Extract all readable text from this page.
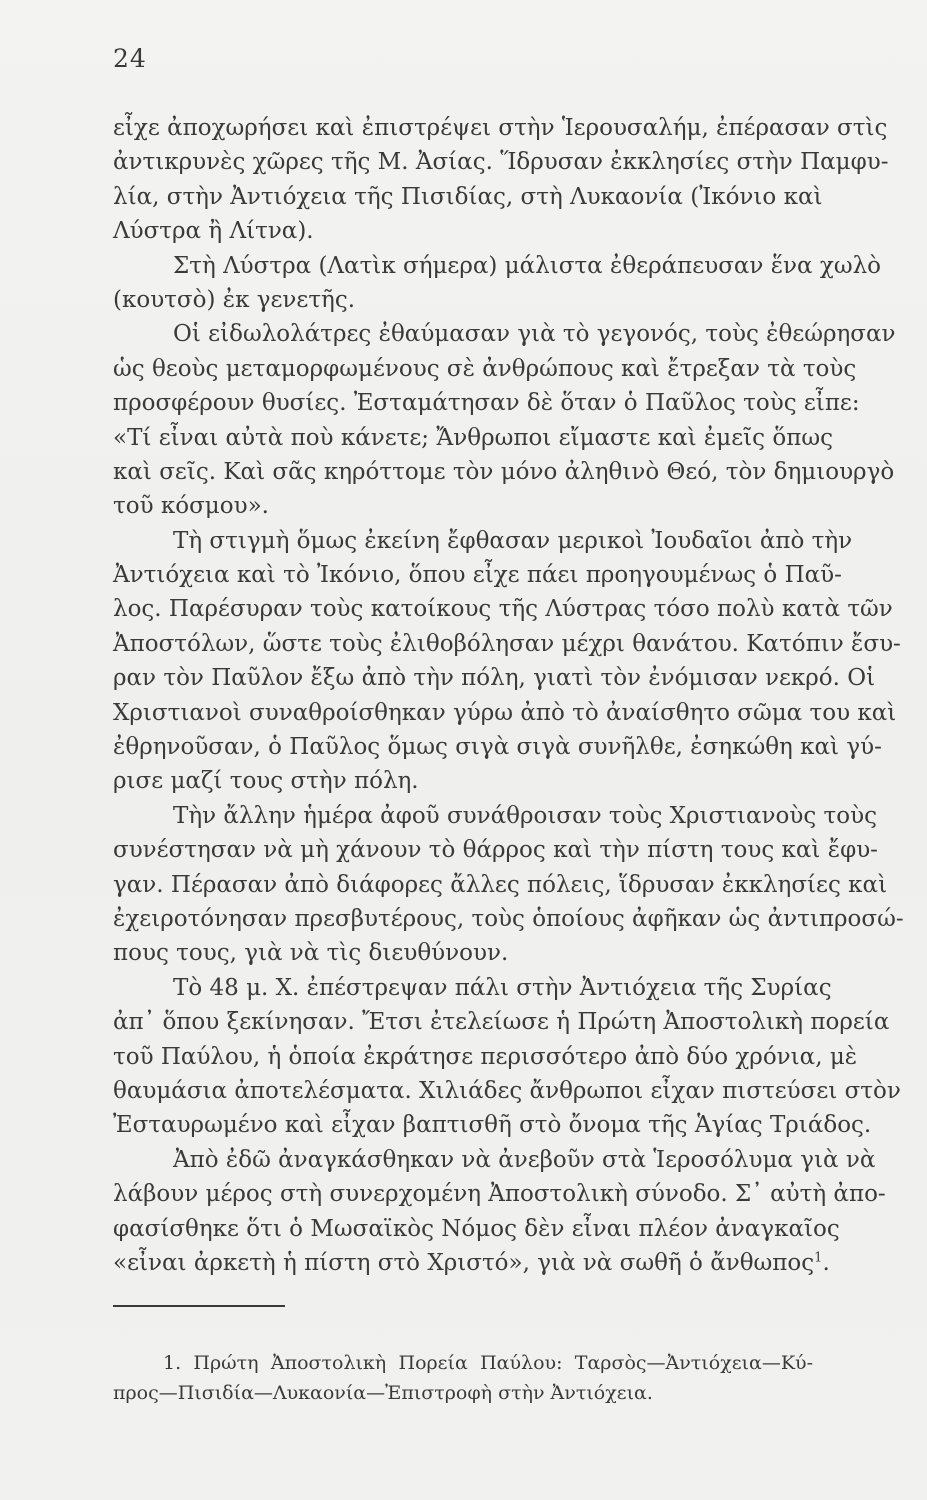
24
εἶχε ἀποχωρήσει καὶ ἐπιστρέψει στὴν Ἱερουσαλήμ, ἐπέρασαν στὶς
ἀντικρυνὲς χῶρες τῆς Μ. Ἀσίας. Ἵδρυσαν ἐκκλησίες στὴν Παμφυ-
λία, στὴν Ἀντιόχεια τῆς Πισιδίας, στὴ Λυκαονία (Ἰκόνιο καὶ
Λύστρα ἢ Λίτνα).
Στὴ Λύστρα (Λατὶκ σήμερα) μάλιστα ἐθεράπευσαν ἕνα χωλὸ
(κουτσὸ) ἐκ γενετῆς.
Οἱ εἰδωλολάτρες ἐθαύμασαν γιὰ τὸ γεγονός, τοὺς ἐθεώρησαν
ὡς θεοὺς μεταμορφωμένους σὲ ἀνθρώπους καὶ ἔτρεξαν τὰ τοὺς
προσφέρουν θυσίες. Ἐσταμάτησαν δὲ ὅταν ὁ Παῦλος τοὺς εἶπε:
«Τί εἶναι αὐτὰ ποὺ κάνετε; Ἄνθρωποι εἴμαστε καὶ ἐμεῖς ὅπως
καὶ σεῖς. Καὶ σᾶς κηρόττομε τὸν μόνο ἀληθινὸ Θεό, τὸν δημιουργὸ
τοῦ κόσμου».
Τὴ στιγμὴ ὅμως ἐκείνη ἔφθασαν μερικοὶ Ἰουδαῖοι ἀπὸ τὴν
Ἀντιόχεια καὶ τὸ Ἰκόνιο, ὅπου εἶχε πάει προηγουμένως ὁ Παῦ-
λος. Παρέσυραν τοὺς κατοίκους τῆς Λύστρας τόσο πολὺ κατὰ τῶν
Ἀποστόλων, ὥστε τοὺς ἐλιθοβόλησαν μέχρι θανάτου. Κατόπιν ἔσυ-
ραν τὸν Παῦλον ἔξω ἀπὸ τὴν πόλη, γιατὶ τὸν ἐνόμισαν νεκρό. Οἱ
Χριστιανοὶ συναθροίσθηκαν γύρω ἀπὸ τὸ ἀναίσθητο σῶμα του καὶ
ἐθρηνοῦσαν, ὁ Παῦλος ὅμως σιγὰ σιγὰ συνῆλθε, ἐσηκώθη καὶ γύ-
ρισε μαζί τους στὴν πόλη.
Τὴν ἄλλην ἡμέρα ἀφοῦ συνάθροισαν τοὺς Χριστιανοὺς τοὺς
συνέστησαν νὰ μὴ χάνουν τὸ θάρρος καὶ τὴν πίστη τους καὶ ἔφυ-
γαν. Πέρασαν ἀπὸ διάφορες ἄλλες πόλεις, ἵδρυσαν ἐκκλησίες καὶ
ἐχειροτόνησαν πρεσβυτέρους, τοὺς ὁποίους ἀφῆκαν ὡς ἀντιπροσώ-
πους τους, γιὰ νὰ τὶς διευθύνουν.
Τὸ 48 μ. Χ. ἐπέστρεψαν πάλι στὴν Ἀντιόχεια τῆς Συρίας
ἀπ᾽ ὅπου ξεκίνησαν. Ἔτσι ἐτελείωσε ἡ Πρώτη Ἀποστολικὴ πορεία
τοῦ Παύλου, ἡ ὁποία ἐκράτησε περισσότερο ἀπὸ δύο χρόνια, μὲ
θαυμάσια ἀποτελέσματα. Χιλιάδες ἄνθρωποι εἶχαν πιστεύσει στὸν
Ἐσταυρωμένο καὶ εἶχαν βαπτισθῆ στὸ ὄνομα τῆς Ἁγίας Τριάδος.
Ἀπὸ ἐδῶ ἀναγκάσθηκαν νὰ ἀνεβοῦν στὰ Ἱεροσόλυμα γιὰ νὰ
λάβουν μέρος στὴ συνερχομένη Ἀποστολικὴ σύνοδο. Σ᾽ αὐτὴ ἀπο-
φασίσθηκε ὅτι ὁ Μωσαϊκὸς Νόμος δὲν εἶναι πλέον ἀναγκαῖος
«εἶναι ἀρκετὴ ἡ πίστη στὸ Χριστό», γιὰ νὰ σωθῆ ὁ ἄνθωπος$^1$.
1. Πρώτη Ἀποστολικὴ Πορεία Παύλου: Ταρσὸς—Ἀντιόχεια—Κύ-
προς—Πισιδία—Λυκαονία—Ἐπιστροφὴ στὴν Ἀντιόχεια.
